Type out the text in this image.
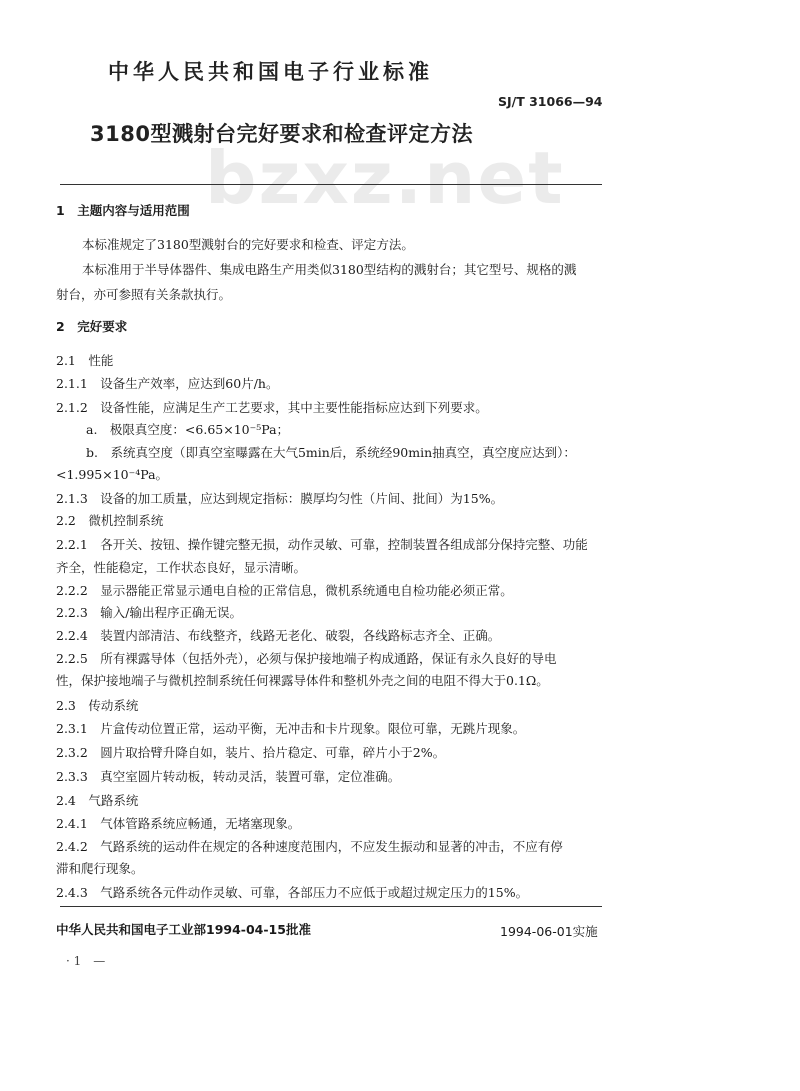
中华人民共和国电子行业标准
SJ/T 31066—94
3180型溅射台完好要求和检查评定方法
bzxz.net
1　主题内容与适用范围
本标准规定了3180型溅射台的完好要求和检查、评定方法。
本标准用于半导体器件、集成电路生产用类似3180型结构的溅射台；其它型号、规格的溅
射台，亦可参照有关条款执行。
2　完好要求
2.1　性能
2.1.1　设备生产效率，应达到60片/h。
2.1.2　设备性能，应满足生产工艺要求，其中主要性能指标应达到下列要求。
a.　极限真空度：<6.65×10⁻⁵Pa；
b.　系统真空度（即真空室曝露在大气5min后，系统经90min抽真空，真空度应达到）：
<1.995×10⁻⁴Pa。
2.1.3　设备的加工质量，应达到规定指标：膜厚均匀性（片间、批间）为15%。
2.2　微机控制系统
2.2.1　各开关、按钮、操作键完整无损，动作灵敏、可靠，控制装置各组成部分保持完整、功能
齐全，性能稳定，工作状态良好，显示清晰。
2.2.2　显示器能正常显示通电自检的正常信息，微机系统通电自检功能必须正常。
2.2.3　输入/输出程序正确无误。
2.2.4　装置内部清洁、布线整齐，线路无老化、破裂，各线路标志齐全、正确。
2.2.5　所有裸露导体（包括外壳），必须与保护接地端子构成通路，保证有永久良好的导电
性，保护接地端子与微机控制系统任何裸露导体件和整机外壳之间的电阻不得大于0.1Ω。
2.3　传动系统
2.3.1　片盒传动位置正常，运动平衡，无冲击和卡片现象。限位可靠，无跳片现象。
2.3.2　圆片取拾臂升降自如，装片、拾片稳定、可靠，碎片小于2%。
2.3.3　真空室圆片转动板，转动灵活，装置可靠，定位准确。
2.4　气路系统
2.4.1　气体管路系统应畅通，无堵塞现象。
2.4.2　气路系统的运动件在规定的各种速度范围内，不应发生振动和显著的冲击，不应有停
滞和爬行现象。
2.4.3　气路系统各元件动作灵敏、可靠，各部压力不应低于或超过规定压力的15%。
中华人民共和国电子工业部1994-04-15批准	1994-06-01实施
· 1　—
